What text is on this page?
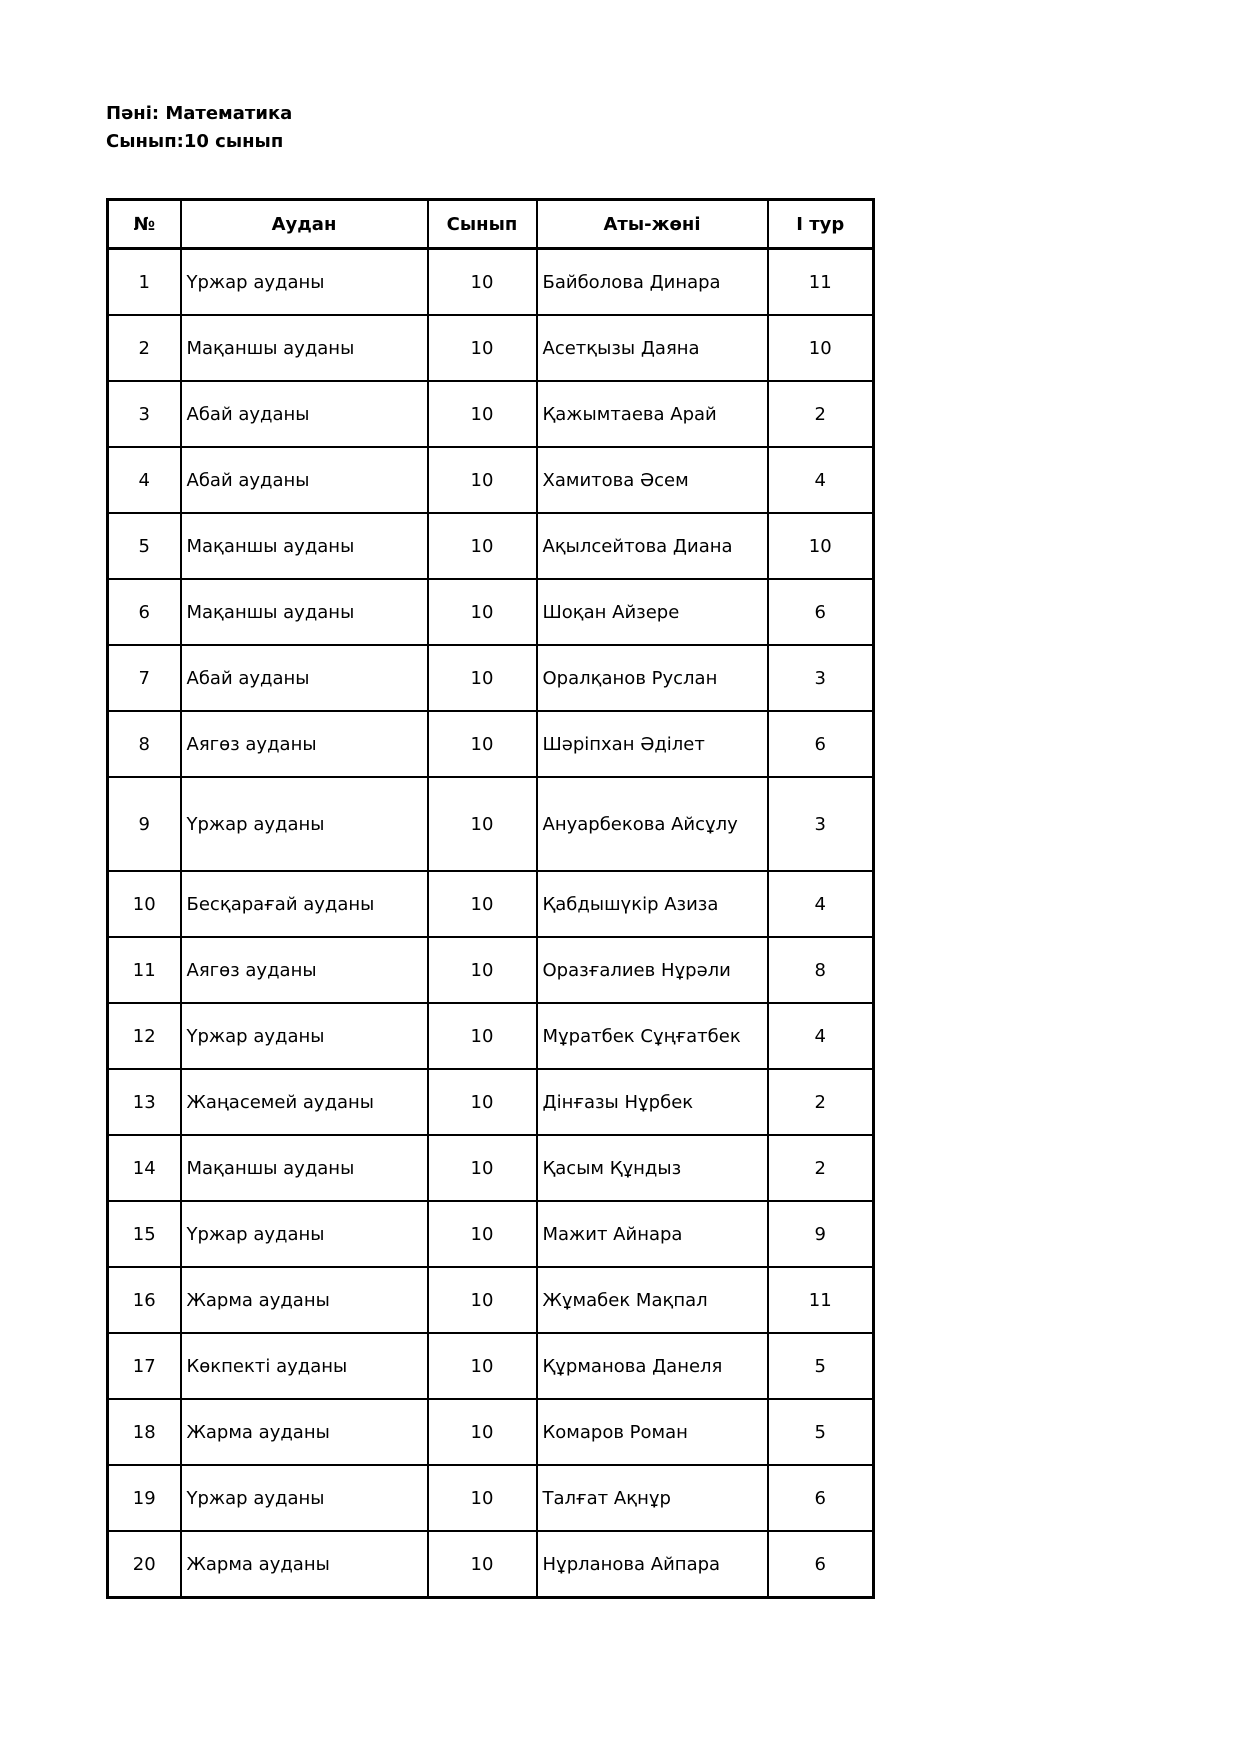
Пәні: Математика
Сынып:10 сынып
№	Аудан	Сынып	Аты-жөні	І тур
1	Үржар ауданы	10	Байболова Динара	11
2	Мақаншы ауданы	10	Асетқызы Даяна	10
3	Абай ауданы	10	Қажымтаева Арай	2
4	Абай ауданы	10	Хамитова Әсем	4
5	Мақаншы ауданы	10	Ақылсейтова Диана	10
6	Мақаншы ауданы	10	Шоқан Айзере	6
7	Абай ауданы	10	Оралқанов Руслан	3
8	Аягөз ауданы	10	Шәріпхан Әділет	6
9	Үржар ауданы	10	Ануарбекова Айсұлу	3
10	Бесқарағай ауданы	10	Қабдышүкір Азиза	4
11	Аягөз ауданы	10	Оразғалиев Нұрәли	8
12	Үржар ауданы	10	Мұратбек Сұңғатбек	4
13	Жаңасемей ауданы	10	Дінғазы Нұрбек	2
14	Мақаншы ауданы	10	Қасым Құндыз	2
15	Үржар ауданы	10	Мажит Айнара	9
16	Жарма ауданы	10	Жұмабек Мақпал	11
17	Көкпекті ауданы	10	Құрманова Данеля	5
18	Жарма ауданы	10	Комаров Роман	5
19	Үржар ауданы	10	Талғат Ақнұр	6
20	Жарма ауданы	10	Нұрланова Айпара	6
